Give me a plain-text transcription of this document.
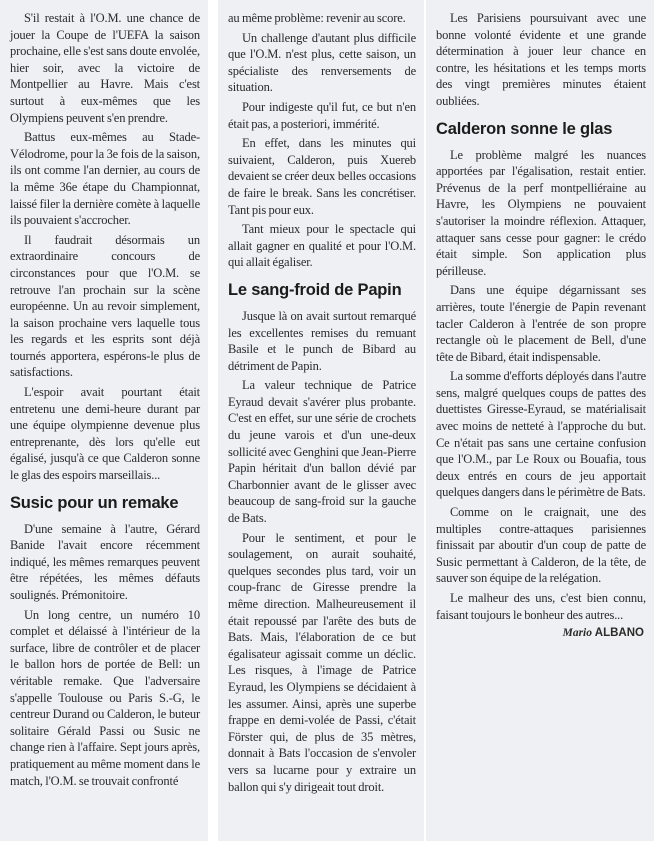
S'il restait à l'O.M. une chance de jouer la Coupe de l'UEFA la saison prochaine, elle s'est sans doute envolée, hier soir, avec la victoire de Montpellier au Havre. Mais c'est surtout à eux-mêmes que les Olympiens peuvent s'en prendre.

Battus eux-mêmes au Stade-Vélodrome, pour la 3e fois de la saison, ils ont comme l'an dernier, au cours de la même 36e étape du Championnat, laissé filer la dernière comète à laquelle ils pouvaient s'accrocher.

Il faudrait désormais un extraordinaire concours de circonstances pour que l'O.M. se retrouve l'an prochain sur la scène européenne. Un au revoir simplement, la saison prochaine vers laquelle tous les regards et les esprits sont déjà tournés apportera, espérons-le plus de satisfactions.

L'espoir avait pourtant était entretenu une demi-heure durant par une équipe olympienne devenue plus entreprenante, dès lors qu'elle eut égalisé, jusqu'à ce que Calderon sonne le glas des espoirs marseillais...

Susic pour un remake

D'une semaine à l'autre, Gérard Banide l'avait encore récemment indiqué, les mêmes remarques peuvent être répétées, les mêmes défauts soulignés. Prémonitoire.

Un long centre, un numéro 10 complet et délaissé à l'intérieur de la surface, libre de contrôler et de placer le ballon hors de portée de Bell: un véritable remake. Que l'adversaire s'appelle Toulouse ou Paris S.-G, le centreur Durand ou Calderon, le buteur solitaire Gérald Passi ou Susic ne change rien à l'affaire. Sept jours après, pratiquement au même moment dans le match, l'O.M. se trouvait confronté

au même problème: revenir au score.

Un challenge d'autant plus difficile que l'O.M. n'est plus, cette saison, un spécialiste des renversements de situation.

Pour indigeste qu'il fut, ce but n'en était pas, a posteriori, immérité.

En effet, dans les minutes qui suivaient, Calderon, puis Xuereb devaient se créer deux belles occasions de faire le break. Sans les concrétiser. Tant pis pour eux.

Tant mieux pour le spectacle qui allait gagner en qualité et pour l'O.M. qui allait égaliser.

Le sang-froid de Papin

Jusque là on avait surtout remarqué les excellentes remises du remuant Basile et le punch de Bibard au détriment de Papin.

La valeur technique de Patrice Eyraud devait s'avérer plus probante. C'est en effet, sur une série de crochets du jeune varois et d'un une-deux sollicité avec Genghini que Jean-Pierre Papin héritait d'un ballon dévié par Charbonnier avant de le glisser avec beaucoup de sang-froid sur la gauche de Bats.

Pour le sentiment, et pour le soulagement, on aurait souhaité, quelques secondes plus tard, voir un coup-franc de Giresse prendre la même direction. Malheureusement il était repoussé par l'arête des buts de Bats. Mais, l'élaboration de ce but égalisateur agissait comme un déclic. Les risques, à l'image de Patrice Eyraud, les Olympiens se décidaient à les assumer. Ainsi, après une superbe frappe en demi-volée de Passi, c'était Förster qui, de plus de 35 mètres, donnait à Bats l'occasion de s'envoler vers sa lucarne pour y extraire un ballon qui s'y dirigeait tout droit.

Les Parisiens poursuivant avec une bonne volonté évidente et une grande détermination à jouer leur chance en contre, les hésitations et les temps morts des vingt premières minutes étaient oubliées.

Calderon sonne le glas

Le problème malgré les nuances apportées par l'égalisation, restait entier. Prévenus de la perf montpelliéraine au Havre, les Olympiens ne pouvaient s'autoriser la moindre réflexion. Attaquer, attaquer sans cesse pour gagner: le crédo était simple. Son application plus périlleuse.

Dans une équipe dégarnissant ses arrières, toute l'énergie de Papin revenant tacler Calderon à l'entrée de son propre rectangle où le placement de Bell, d'une tête de Bibard, était indispensable.

La somme d'efforts déployés dans l'autre sens, malgré quelques coups de pattes des duettistes Giresse-Eyraud, se matérialisait avec moins de netteté à l'approche du but. Ce n'était pas sans une certaine confusion que l'O.M., par Le Roux ou Bouafia, tous deux entrés en cours de jeu apportait quelques dangers dans le périmètre de Bats.

Comme on le craignait, une des multiples contre-attaques parisiennes finissait par aboutir d'un coup de patte de Susic permettant à Calderon, de la tête, de sauver son équipe de la relégation.

Le malheur des uns, c'est bien connu, faisant toujours le bonheur des autres...

Mario ALBANO
